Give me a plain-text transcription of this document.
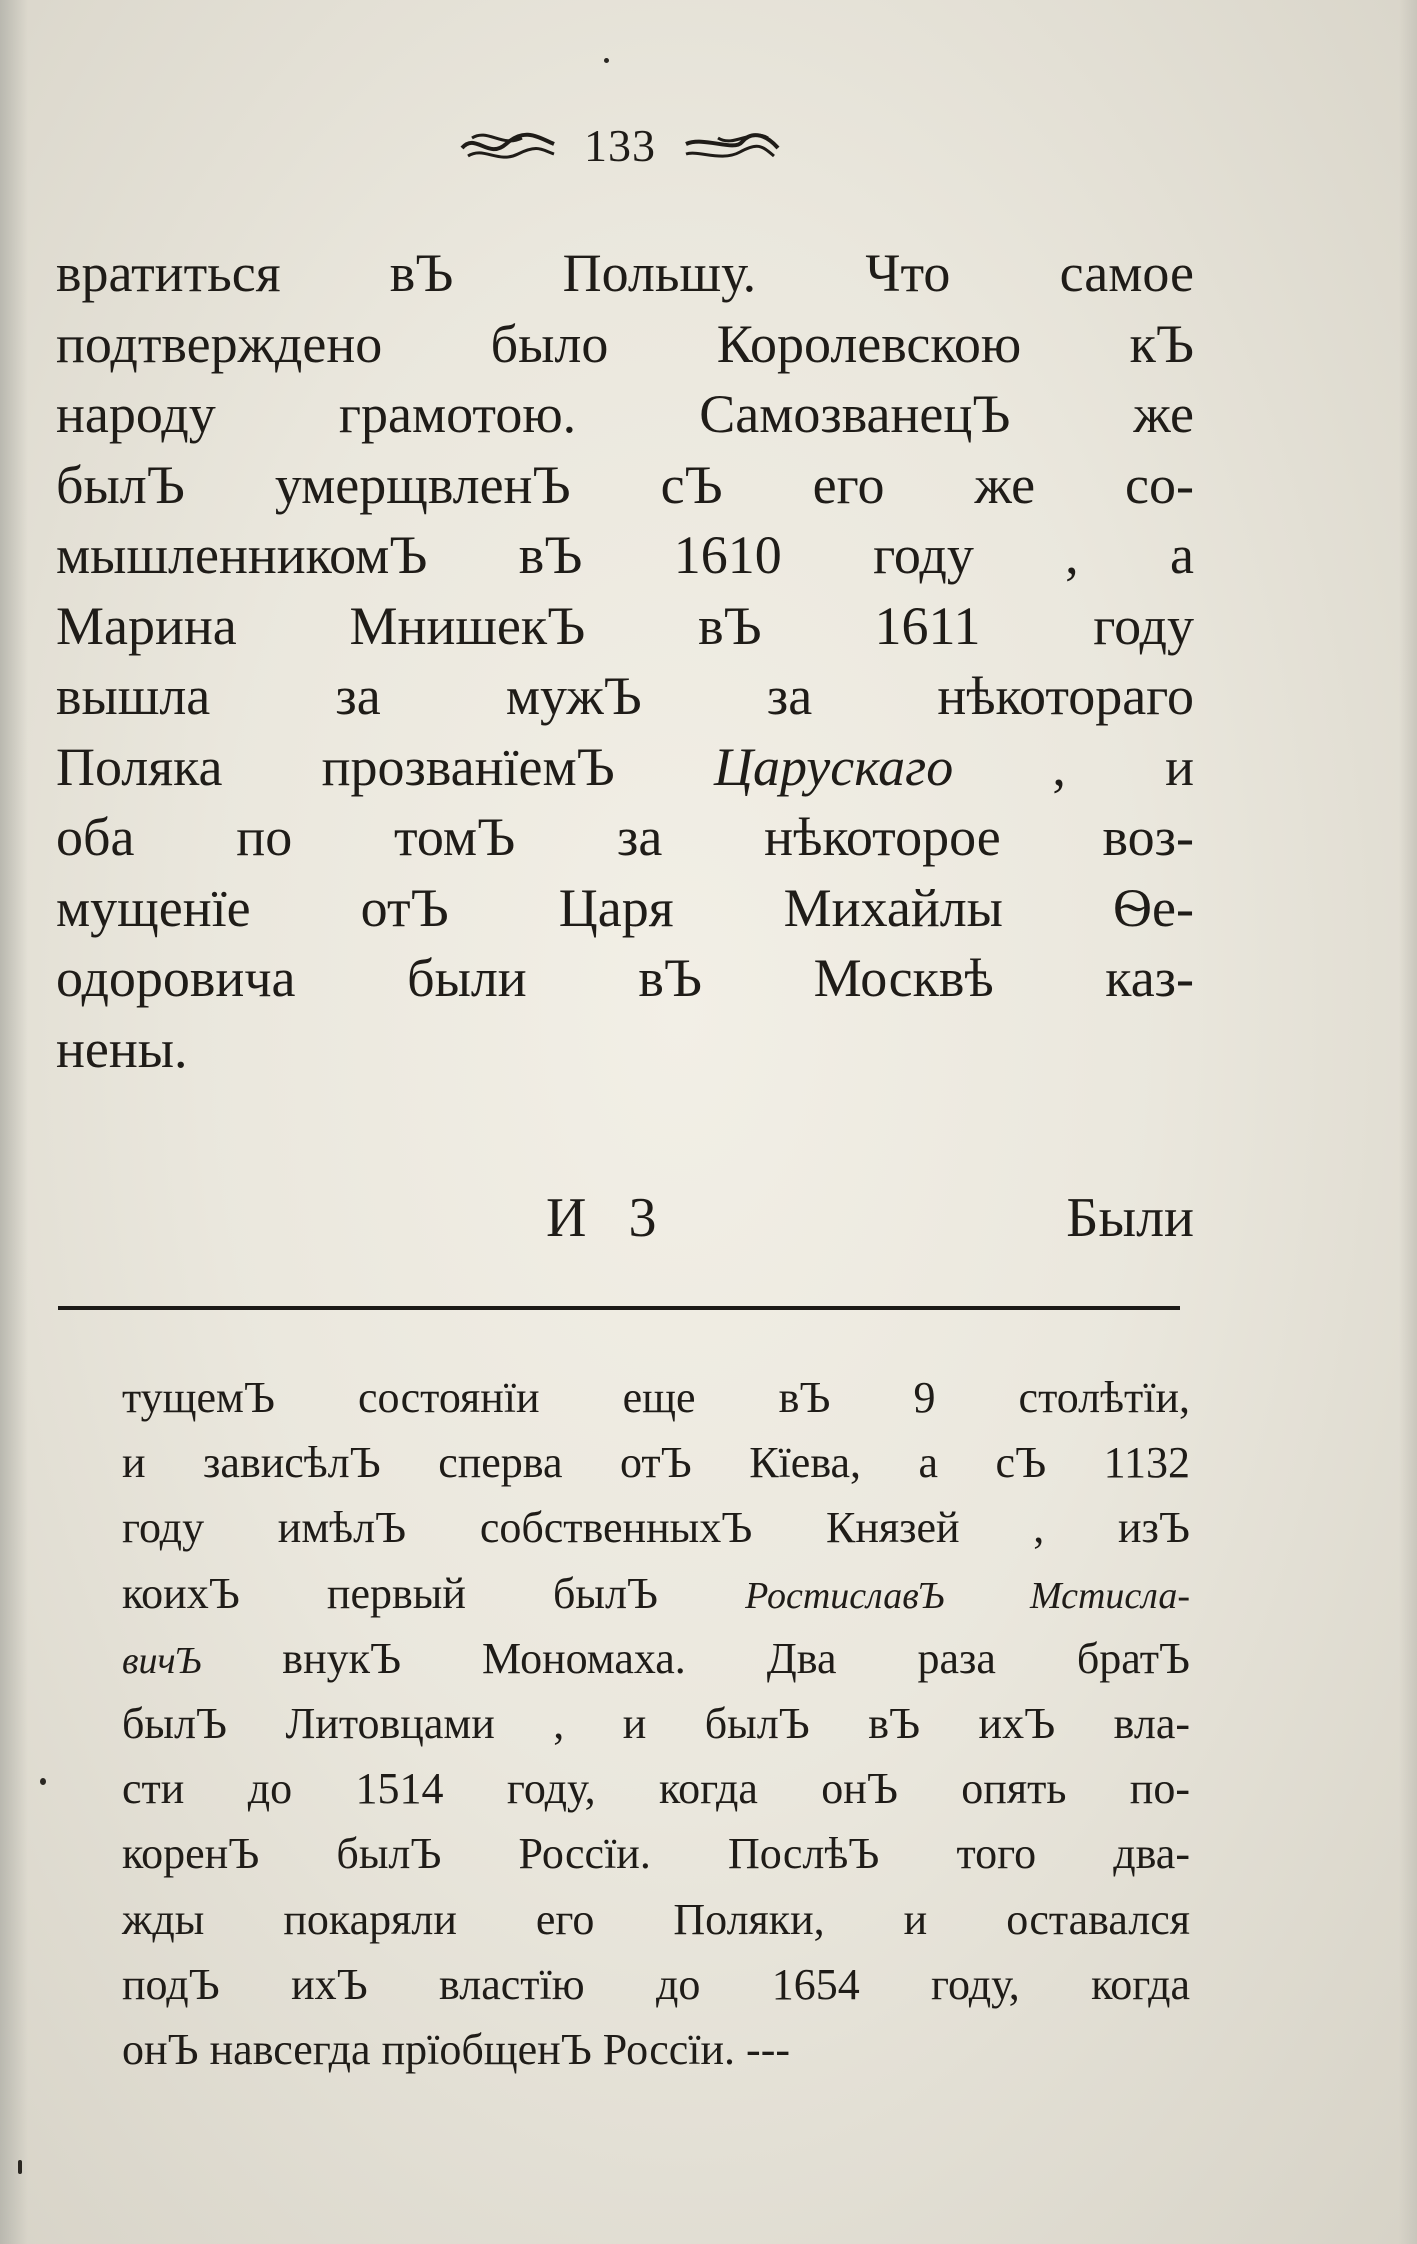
133
вратиться вЪ Польшу. Что самое
подтверждено было Королевскою кЪ
народу грамотою. СамозванецЪ же
былЪ умерщвленЪ сЪ его же со-
мышленникомЪ вЪ 1610 году , а
Марина МнишекЪ вЪ 1611 году
вышла за мужЪ за нѣкотораго
Поляка прозванїемЪ Царускаго , и
оба по томЪ за нѣкоторое воз-
мущенїе отЪ Царя Михайлы Ѳе-
одоровича были вЪ Москвѣ каз-
нены.
И 3	Были
тущемЪ состоянїи еще вЪ 9 столѣтїи,
и зависѣлЪ сперва отЪ Кїева, а сЪ 1132
году имѣлЪ собственныхЪ Князей , изЪ
коихЪ первый былЪ РостиславЪ Мстисла-
вичЪ внукЪ Мономаха. Два раза братЪ
былЪ Литовцами , и былЪ вЪ ихЪ вла-
сти до 1514 году, когда онЪ опять по-
коренЪ былЪ Россїи. ПослѣЪ того два-
жды покаряли его Поляки, и оставался
подЪ ихЪ властїю до 1654 году, когда
онЪ навсегда прїобщенЪ Россїи. ---
